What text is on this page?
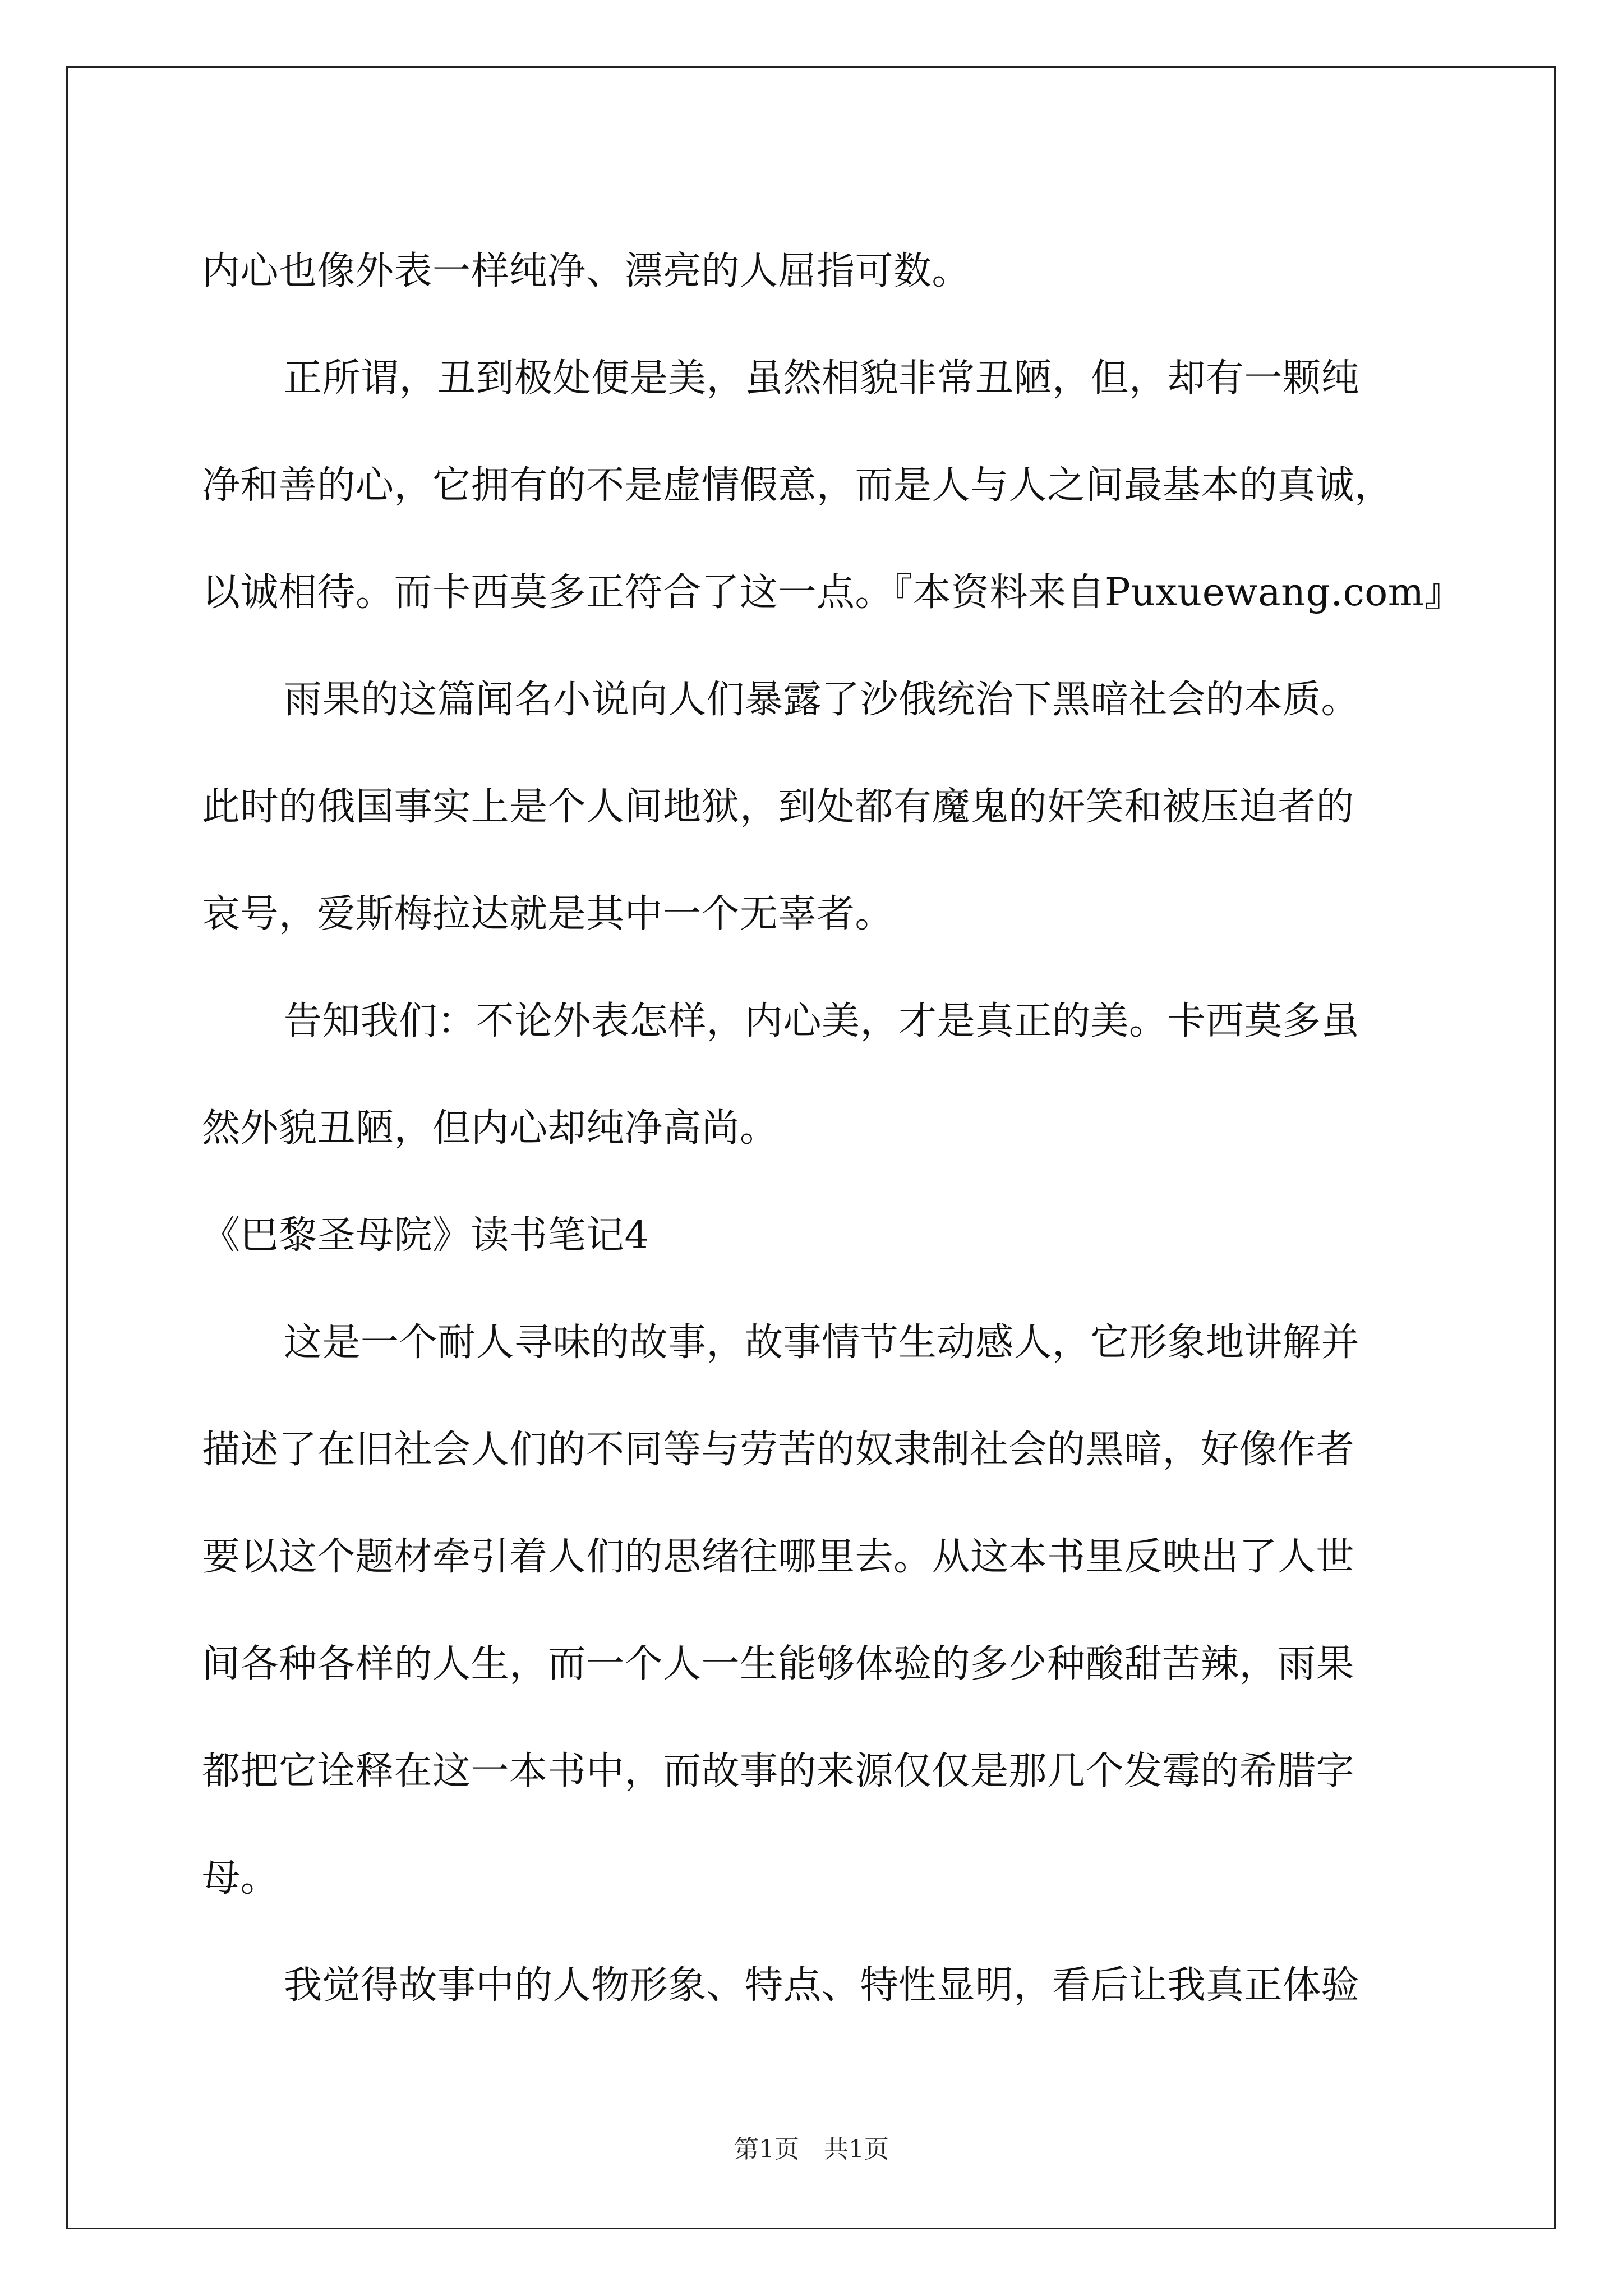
内心也像外表一样纯净、漂亮的人屈指可数。
正所谓，丑到极处便是美，虽然相貌非常丑陋，但，却有一颗纯
净和善的心，它拥有的不是虚情假意，而是人与人之间最基本的真诚，
以诚相待。而卡西莫多正符合了这一点。『本资料来自Puxuewang.com』
雨果的这篇闻名小说向人们暴露了沙俄统治下黑暗社会的本质。
此时的俄国事实上是个人间地狱，到处都有魔鬼的奸笑和被压迫者的
哀号，爱斯梅拉达就是其中一个无辜者。
告知我们：不论外表怎样，内心美，才是真正的美。卡西莫多虽
然外貌丑陋，但内心却纯净高尚。
《巴黎圣母院》读书笔记4
这是一个耐人寻味的故事，故事情节生动感人，它形象地讲解并
描述了在旧社会人们的不同等与劳苦的奴隶制社会的黑暗，好像作者
要以这个题材牵引着人们的思绪往哪里去。从这本书里反映出了人世
间各种各样的人生，而一个人一生能够体验的多少种酸甜苦辣，雨果
都把它诠释在这一本书中，而故事的来源仅仅是那几个发霉的希腊字
母。
我觉得故事中的人物形象、特点、特性显明，看后让我真正体验
第1页　共1页
